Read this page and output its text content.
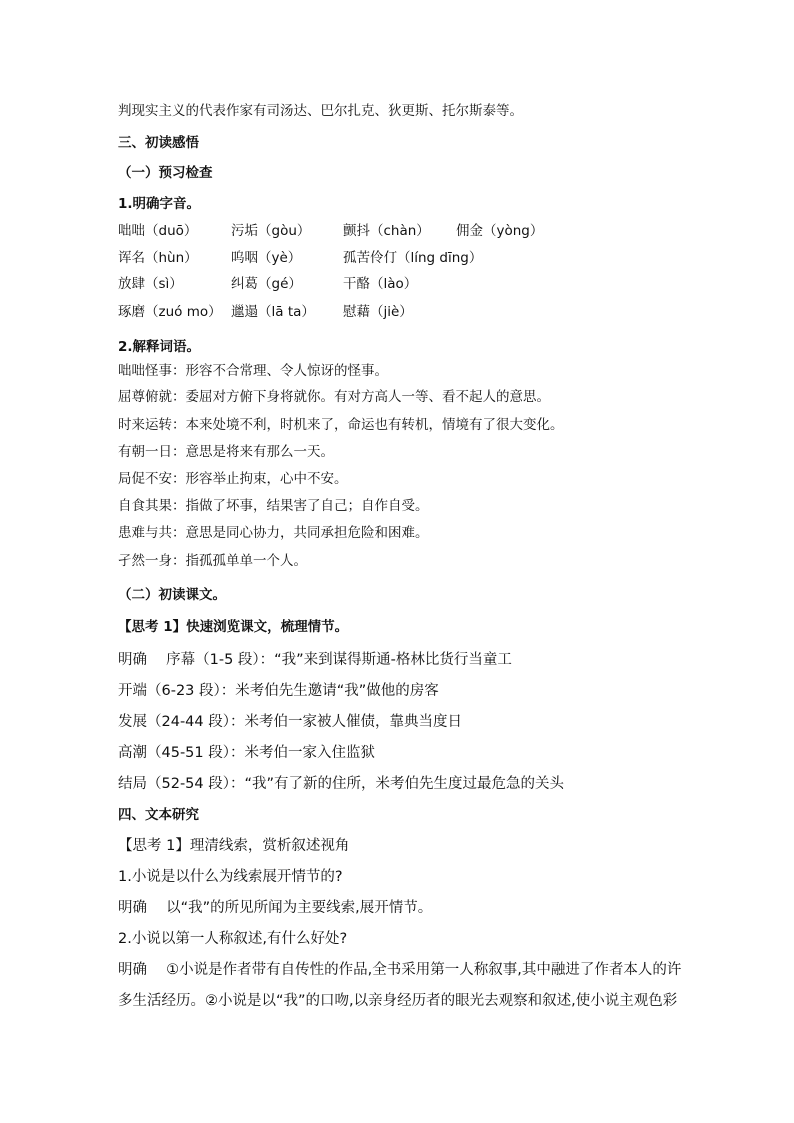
判现实主义的代表作家有司汤达、巴尔扎克、狄更斯、托尔斯泰等。
三、初读感悟
（一）预习检查
1.明确字音。
咄咄（duō） 污垢（gòu） 颤抖（chàn） 佣金（yòng）
诨名（hùn） 呜咽（yè）	孤苦伶仃（líng dīng）
放肆（sì）	纠葛（gé）	干酪（lào）
琢磨（zuó mo） 邋遢（lā ta） 慰藉（jiè）
2.解释词语。
咄咄怪事：形容不合常理、令人惊讶的怪事。
屈尊俯就：委屈对方俯下身将就你。有对方高人一等、看不起人的意思。
时来运转：本来处境不利，时机来了，命运也有转机，情境有了很大变化。
有朝一日：意思是将来有那么一天。
局促不安：形容举止拘束，心中不安。
自食其果：指做了坏事，结果害了自己；自作自受。
患难与共：意思是同心协力，共同承担危险和困难。
孑然一身：指孤孤单单一个人。
（二）初读课文。
【思考 1】快速浏览课文，梳理情节。
明确　 序幕（1-5 段）：“我”来到谋得斯通-格林比货行当童工
开端（6-23 段）：米考伯先生邀请“我”做他的房客
发展（24-44 段）：米考伯一家被人催债，靠典当度日
高潮（45-51 段）：米考伯一家入住监狱
结局（52-54 段）：“我”有了新的住所，米考伯先生度过最危急的关头
四、文本研究
【思考 1】理清线索，赏析叙述视角
1.小说是以什么为线索展开情节的?
明确　 以“我”的所见所闻为主要线索,展开情节。
2.小说以第一人称叙述,有什么好处?
明确　 ①小说是作者带有自传性的作品,全书采用第一人称叙事,其中融进了作者本人的许
多生活经历。②小说是以“我”的口吻,以亲身经历者的眼光去观察和叙述,使小说主观色彩
